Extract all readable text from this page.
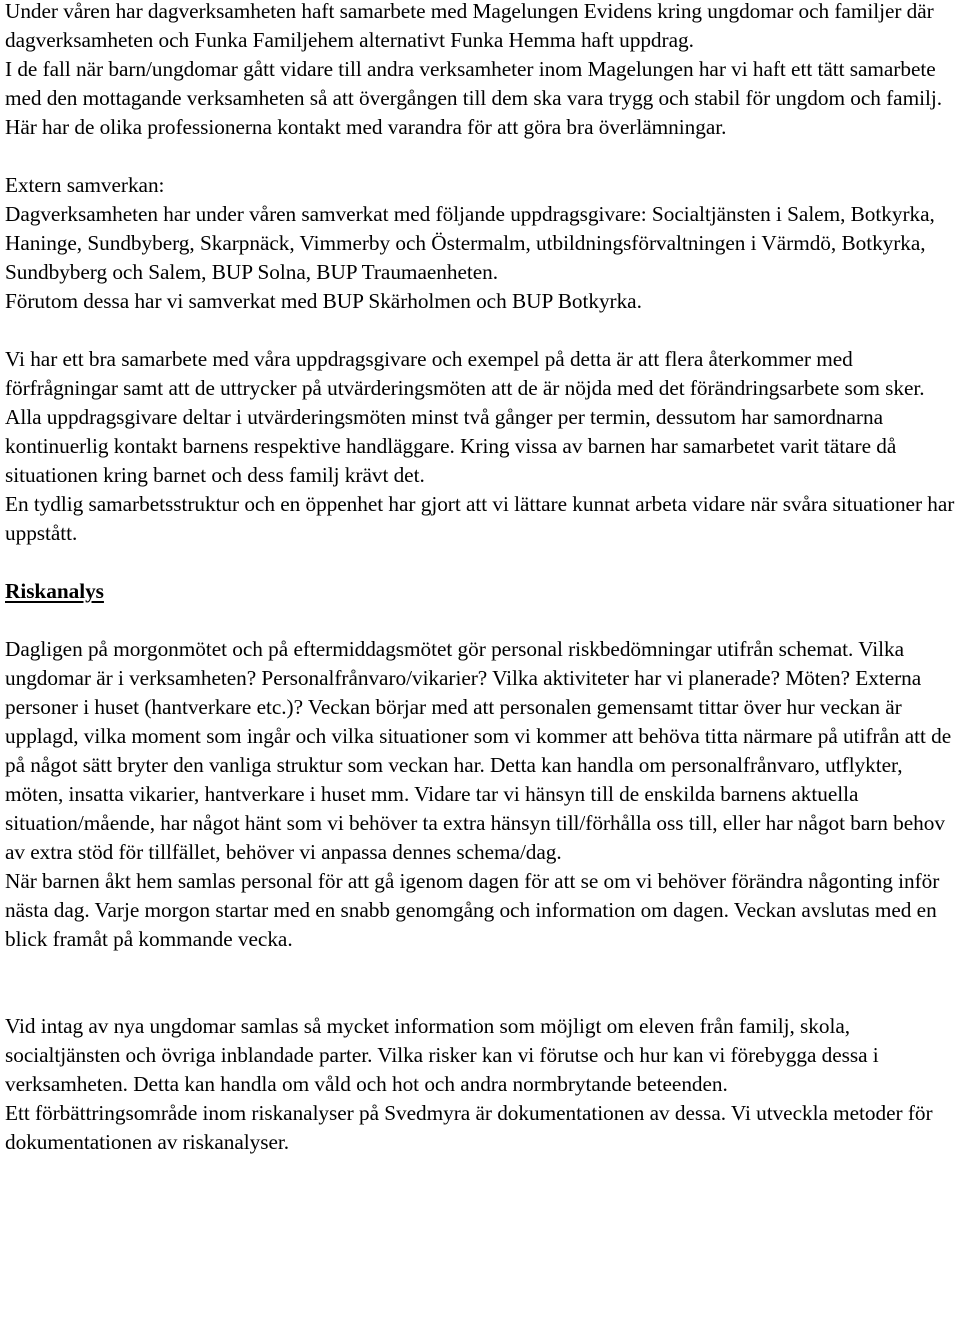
Under våren har dagverksamheten haft samarbete med Magelungen Evidens kring ungdomar och familjer där dagverksamheten och Funka Familjehem alternativt Funka Hemma haft uppdrag.

I de fall när barn/ungdomar gått vidare till andra verksamheter inom Magelungen har vi haft ett tätt samarbete med den mottagande verksamheten så att övergången till dem ska vara trygg och stabil för ungdom och familj. Här har de olika professionerna kontakt med varandra för att göra bra överlämningar.

Extern samverkan:

Dagverksamheten har under våren samverkat med följande uppdragsgivare: Socialtjänsten i Salem, Botkyrka, Haninge, Sundbyberg, Skarpnäck, Vimmerby och Östermalm, utbildningsförvaltningen i Värmdö, Botkyrka, Sundbyberg och Salem, BUP Solna, BUP Traumaenheten.

Förutom dessa har vi samverkat med BUP Skärholmen och BUP Botkyrka.

Vi har ett bra samarbete med våra uppdragsgivare och exempel på detta är att flera återkommer med förfrågningar samt att de uttrycker på utvärderingsmöten att de är nöjda med det förändringsarbete som sker. Alla uppdragsgivare deltar i utvärderingsmöten minst två gånger per termin, dessutom har samordnarna kontinuerlig kontakt barnens respektive handläggare. Kring vissa av barnen har samarbetet varit tätare då situationen kring barnet och dess familj krävt det.

En tydlig samarbetsstruktur och en öppenhet har gjort att vi lättare kunnat arbeta vidare när svåra situationer har uppstått.

Riskanalys

Dagligen på morgonmötet och på eftermiddagsmötet gör personal riskbedömningar utifrån schemat. Vilka ungdomar är i verksamheten? Personalfrånvaro/vikarier? Vilka aktiviteter har vi planerade? Möten? Externa personer i huset (hantverkare etc.)? Veckan börjar med att personalen gemensamt tittar över hur veckan är upplagd, vilka moment som ingår och vilka situationer som vi kommer att behöva titta närmare på utifrån att de på något sätt bryter den vanliga struktur som veckan har. Detta kan handla om personalfrånvaro, utflykter, möten, insatta vikarier, hantverkare i huset mm. Vidare tar vi hänsyn till de enskilda barnens aktuella situation/mående, har något hänt som vi behöver ta extra hänsyn till/förhålla oss till, eller har något barn behov av extra stöd för tillfället, behöver vi anpassa dennes schema/dag.

När barnen åkt hem samlas personal för att gå igenom dagen för att se om vi behöver förändra någonting inför nästa dag. Varje morgon startar med en snabb genomgång och information om dagen. Veckan avslutas med en blick framåt på kommande vecka.

Vid intag av nya ungdomar samlas så mycket information som möjligt om eleven från familj, skola, socialtjänsten och övriga inblandade parter. Vilka risker kan vi förutse och hur kan vi förebygga dessa i verksamheten. Detta kan handla om våld och hot och andra normbrytande beteenden.

Ett förbättringsområde inom riskanalyser på Svedmyra är dokumentationen av dessa. Vi utveckla metoder för dokumentationen av riskanalyser.
